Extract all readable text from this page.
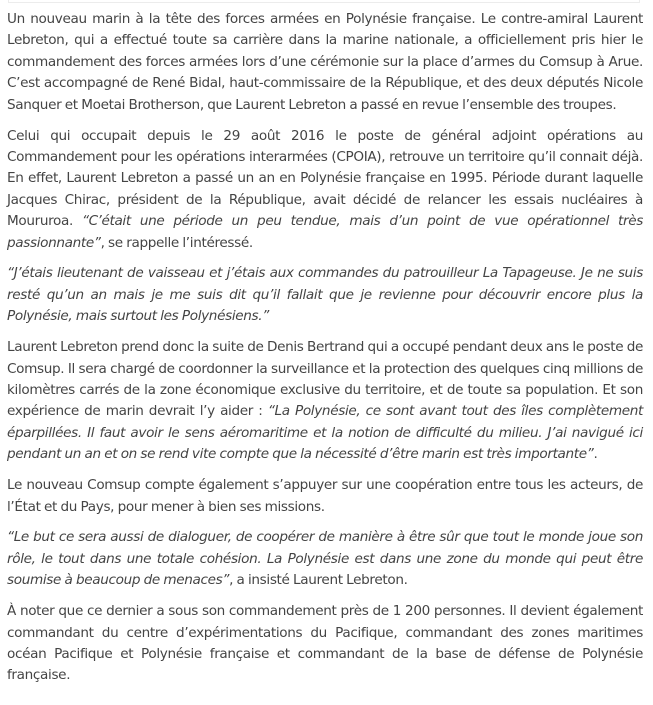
Un nouveau marin à la tête des forces armées en Polynésie française. Le contre-amiral Laurent Lebreton, qui a effectué toute sa carrière dans la marine nationale, a officiellement pris hier le commandement des forces armées lors d’une cérémonie sur la place d’armes du Comsup à Arue. C’est accompagné de René Bidal, haut-commissaire de la République, et des deux députés Nicole Sanquer et Moetai Brotherson, que Laurent Lebreton a passé en revue l’ensemble des troupes.

Celui qui occupait depuis le 29 août 2016 le poste de général adjoint opérations au Commandement pour les opérations interarmées (CPOIA), retrouve un territoire qu’il connait déjà. En effet, Laurent Lebreton a passé un an en Polynésie française en 1995. Période durant laquelle Jacques Chirac, président de la République, avait décidé de relancer les essais nucléaires à Moururoa. “C’était une période un peu tendue, mais d’un point de vue opérationnel très passionnante”, se rappelle l’intéressé.

“J’étais lieutenant de vaisseau et j’étais aux commandes du patrouilleur La Tapageuse. Je ne suis resté qu’un an mais je me suis dit qu’il fallait que je revienne pour découvrir encore plus la Polynésie, mais surtout les Polynésiens.”

Laurent Lebreton prend donc la suite de Denis Bertrand qui a occupé pendant deux ans le poste de Comsup. Il sera chargé de coordonner la surveillance et la protection des quelques cinq millions de kilomètres carrés de la zone économique exclusive du territoire, et de toute sa population. Et son expérience de marin devrait l’y aider : “La Polynésie, ce sont avant tout des îles complètement éparpillées. Il faut avoir le sens aéromaritime et la notion de difficulté du milieu. J’ai navigué ici pendant un an et on se rend vite compte que la nécessité d’être marin est très importante”.

Le nouveau Comsup compte également s’appuyer sur une coopération entre tous les acteurs, de l’État et du Pays, pour mener à bien ses missions.

“Le but ce sera aussi de dialoguer, de coopérer de manière à être sûr que tout le monde joue son rôle, le tout dans une totale cohésion. La Polynésie est dans une zone du monde qui peut être soumise à beaucoup de menaces”, a insisté Laurent Lebreton.

À noter que ce dernier a sous son commandement près de 1 200 personnes. Il devient également commandant du centre d’expérimentations du Pacifique, commandant des zones maritimes océan Pacifique et Polynésie française et commandant de la base de défense de Polynésie française.
